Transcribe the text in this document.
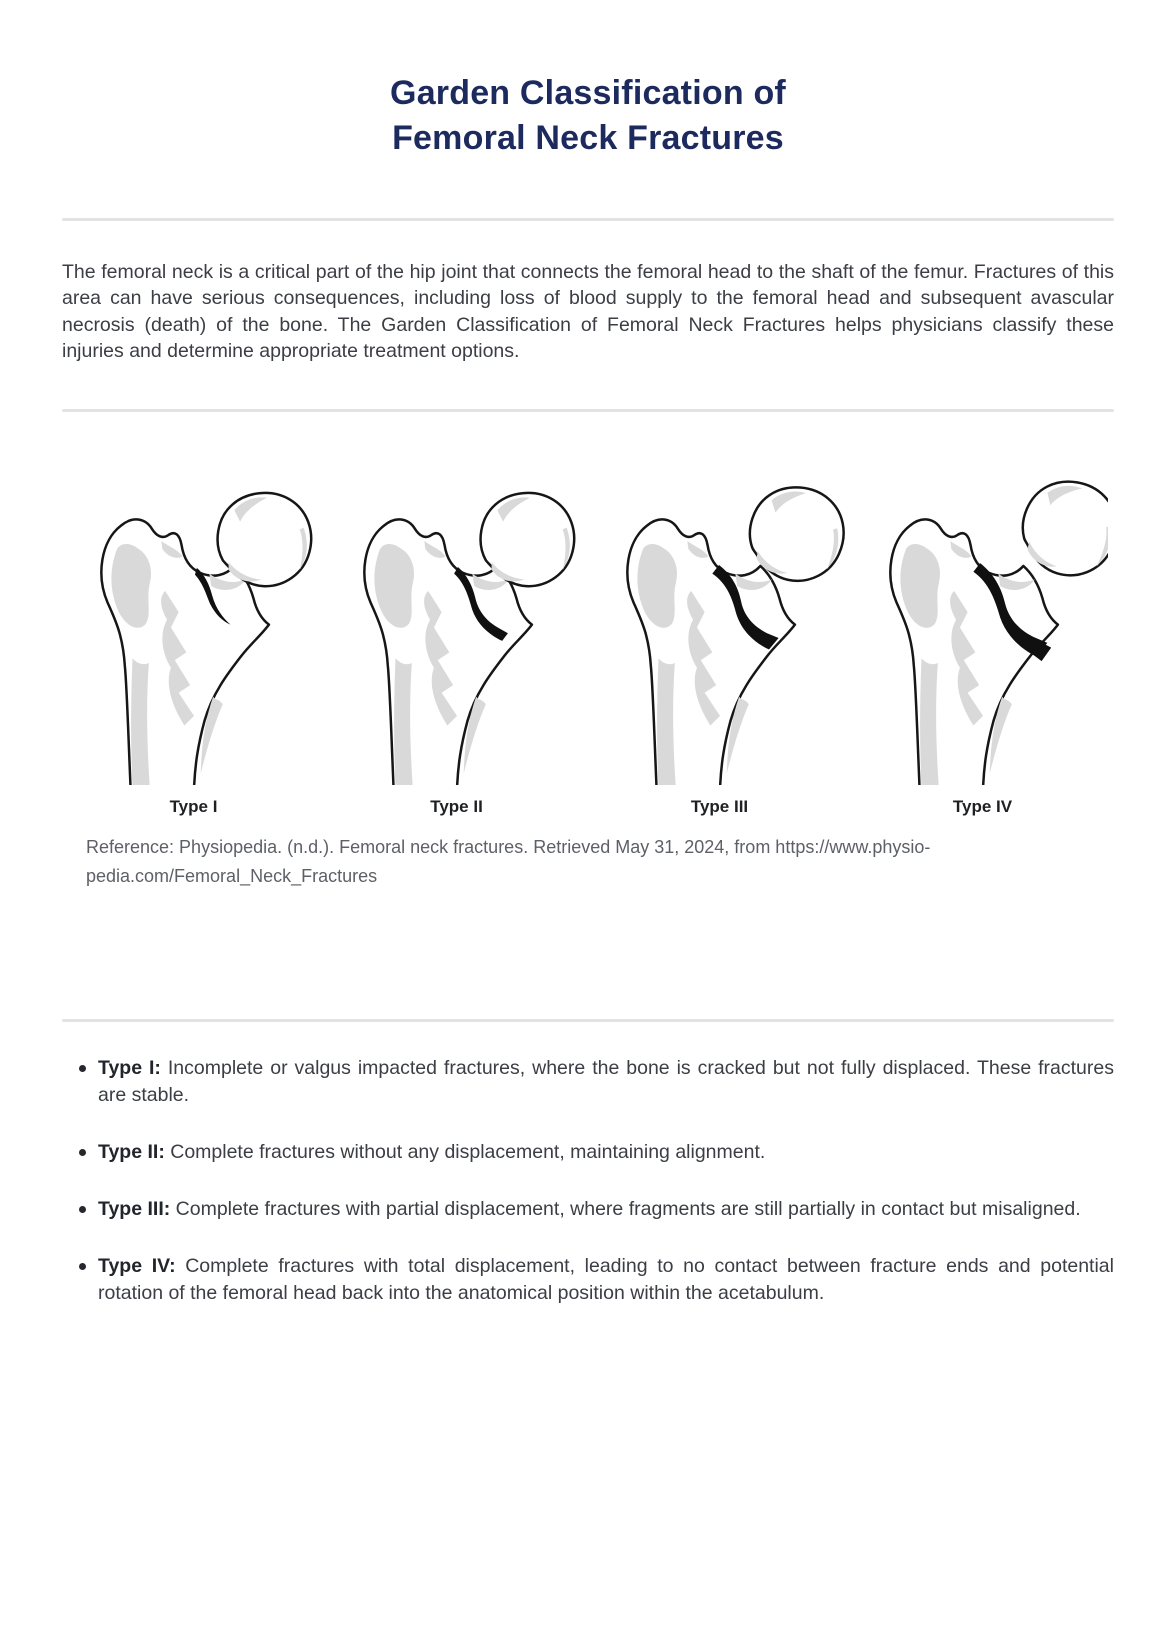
Garden Classification of
Femoral Neck Fractures

The femoral neck is a critical part of the hip joint that connects the femoral head to the shaft of the femur. Fractures of this area can have serious consequences, including loss of blood supply to the femoral head and subsequent avascular necrosis (death) of the bone. The Garden Classification of Femoral Neck Fractures helps physicians classify these injuries and determine appropriate treatment options.

Type I	Type II	Type III	Type IV

Reference: Physiopedia. (n.d.). Femoral neck fractures. Retrieved May 31, 2024, from https://www.physio-
pedia.com/Femoral_Neck_Fractures

Type I: Incomplete or valgus impacted fractures, where the bone is cracked but not fully displaced. These fractures are stable.
Type II: Complete fractures without any displacement, maintaining alignment.
Type III: Complete fractures with partial displacement, where fragments are still partially in contact but misaligned.
Type IV: Complete fractures with total displacement, leading to no contact between fracture ends and potential rotation of the femoral head back into the anatomical position within the acetabulum.
